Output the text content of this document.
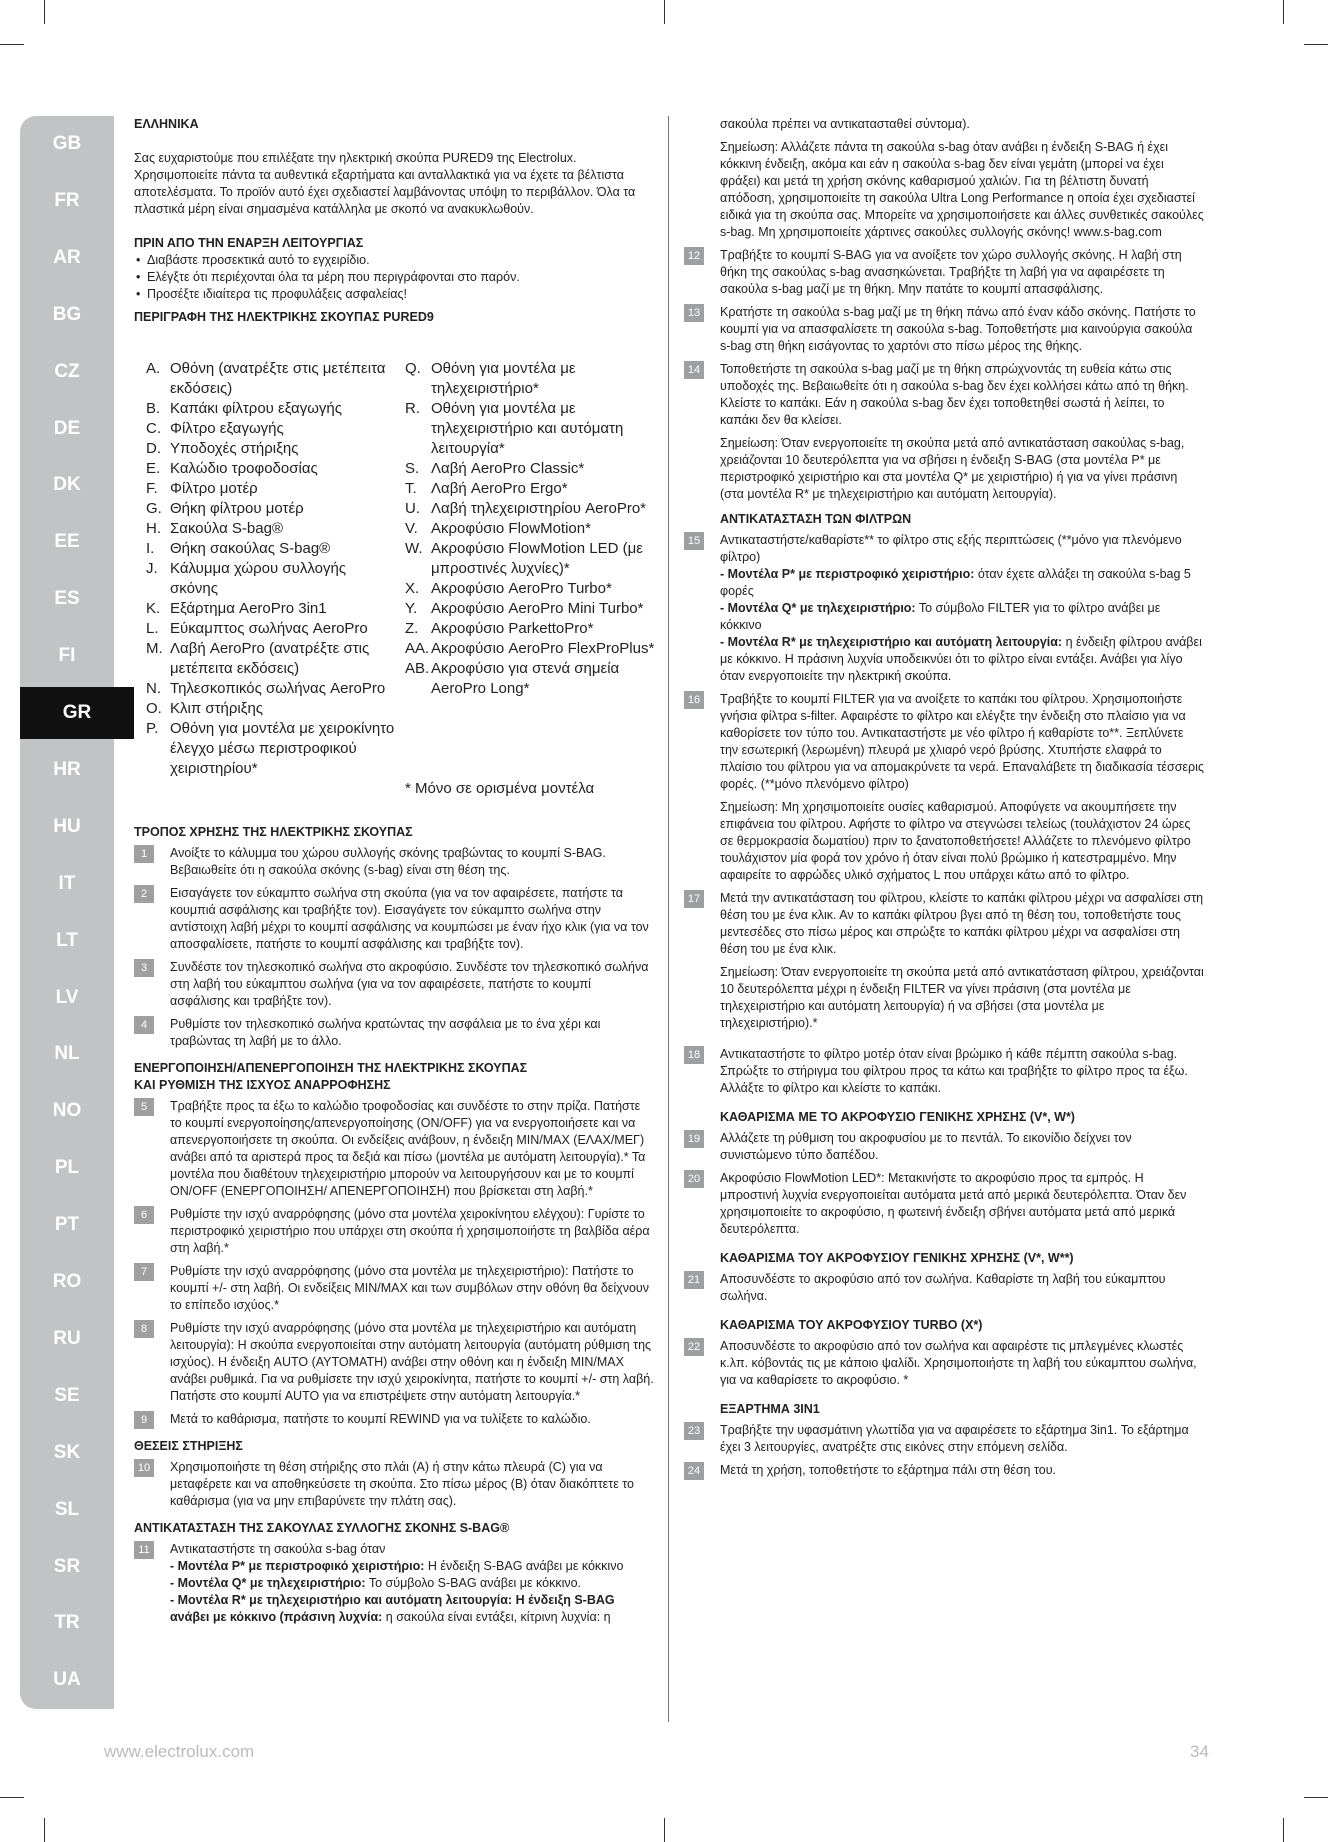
GB
FR
AR
BG
CZ
DE
DK
EE
ES
FI
GR
HR
HU
IT
LT
LV
NL
NO
PL
PT
RO
RU
SE
SK
SL
SR
TR
UA
ΕΛΛΗΝΙΚΑ

Σας ευχαριστούμε που επιλέξατε την ηλεκτρική σκούπα PURED9 της Electrolux. Χρησιμοποιείτε πάντα τα αυθεντικά εξαρτήματα και ανταλλακτικά για να έχετε τα βέλτιστα αποτελέσματα. Το προϊόν αυτό έχει σχεδιαστεί λαμβάνοντας υπόψη το περιβάλλον. Όλα τα πλαστικά μέρη είναι σημασμένα κατάλληλα με σκοπό να ανακυκλωθούν.

ΠΡΙΝ ΑΠΟ ΤΗΝ ΕΝΑΡΞΗ ΛΕΙΤΟΥΡΓΙΑΣ
• Διαβάστε προσεκτικά αυτό το εγχειρίδιο.
• Ελέγξτε ότι περιέχονται όλα τα μέρη που περιγράφονται στο παρόν.
• Προσέξτε ιδιαίτερα τις προφυλάξεις ασφαλείας!
ΠΕΡΙΓΡΑΦΗ ΤΗΣ ΗΛΕΚΤΡΙΚΗΣ ΣΚΟΥΠΑΣ PURED9
A. Οθόνη (ανατρέξτε στις μετέπειτα εκδόσεις)
B. Καπάκι φίλτρου εξαγωγής
C. Φίλτρο εξαγωγής
D. Υποδοχές στήριξης
E. Καλώδιο τροφοδοσίας
F. Φίλτρο μοτέρ
G. Θήκη φίλτρου μοτέρ
H. Σακούλα S-bag®
I.	Θήκη σακούλας S-bag®
J. Κάλυμμα χώρου συλλογής σκόνης
K. Εξάρτημα AeroPro 3in1
L. Εύκαμπτος σωλήνας AeroPro
M. Λαβή AeroPro (ανατρέξτε στις μετέπειτα εκδόσεις)
N. Τηλεσκοπικός σωλήνας AeroPro
O. Κλιπ στήριξης
P. Οθόνη για μοντέλα με χειροκίνητο έλεγχο μέσω περιστροφικού χειριστηρίου*
Q. Οθόνη για μοντέλα με τηλεχειριστήριο*
R. Οθόνη για μοντέλα με τηλεχειριστήριο και αυτόματη λειτουργία*
S. Λαβή AeroPro Classic*
T. Λαβή AeroPro Ergo*
U. Λαβή τηλεχειριστηρίου AeroPro*
V. Ακροφύσιο FlowMotion*
W. Ακροφύσιο FlowMotion LED (με μπροστινές λυχνίες)*
X. Ακροφύσιο AeroPro Turbo*
Y. Ακροφύσιο AeroPro Mini Turbo*
Z. Ακροφύσιο ParkettoPro*
AA. Ακροφύσιο AeroPro FlexProPlus*
AB. Ακροφύσιο για στενά σημεία AeroPro Long*
* Μόνο σε ορισμένα μοντέλα
ΤΡΟΠΟΣ ΧΡΗΣΗΣ ΤΗΣ ΗΛΕΚΤΡΙΚΗΣ ΣΚΟΥΠΑΣ
1	Ανοίξτε το κάλυμμα του χώρου συλλογής σκόνης τραβώντας το κουμπί S-BAG. Βεβαιωθείτε ότι η σακούλα σκόνης (s-bag) είναι στη θέση της.
2	Εισαγάγετε τον εύκαμπτο σωλήνα στη σκούπα (για να τον αφαιρέσετε, πατήστε τα κουμπιά ασφάλισης και τραβήξτε τον). Εισαγάγετε τον εύκαμπτο σωλήνα στην αντίστοιχη λαβή μέχρι το κουμπί ασφάλισης να κουμπώσει με έναν ήχο κλικ (για να τον αποσφαλίσετε, πατήστε το κουμπί ασφάλισης και τραβήξτε τον).
3	Συνδέστε τον τηλεσκοπικό σωλήνα στο ακροφύσιο. Συνδέστε τον τηλεσκοπικό σωλήνα στη λαβή του εύκαμπτου σωλήνα (για να τον αφαιρέσετε, πατήστε το κουμπί ασφάλισης και τραβήξτε τον).
4	Ρυθμίστε τον τηλεσκοπικό σωλήνα κρατώντας την ασφάλεια με το ένα χέρι και τραβώντας τη λαβή με το άλλο.
ΕΝΕΡΓΟΠΟΙΗΣΗ/ΑΠΕΝΕΡΓΟΠΟΙΗΣΗ ΤΗΣ ΗΛΕΚΤΡΙΚΗΣ ΣΚΟΥΠΑΣ
ΚΑΙ ΡΥΘΜΙΣΗ ΤΗΣ ΙΣΧΥΟΣ ΑΝΑΡΡΟΦΗΣΗΣ
5	Τραβήξτε προς τα έξω το καλώδιο τροφοδοσίας και συνδέστε το στην πρίζα. Πατήστε το κουμπί ενεργοποίησης/απενεργοποίησης (ON/OFF) για να ενεργοποιήσετε και να απενεργοποιήσετε τη σκούπα. Οι ενδείξεις ανάβουν, η ένδειξη MIN/MAX (ΕΛΑΧ/ΜΕΓ) ανάβει από τα αριστερά προς τα δεξιά και πίσω (μοντέλα με αυτόματη λειτουργία).* Τα μοντέλα που διαθέτουν τηλεχειριστήριο μπορούν να λειτουργήσουν και με το κουμπί ON/OFF (ΕΝΕΡΓΟΠΟΙΗΣΗ/ ΑΠΕΝΕΡΓΟΠΟΙΗΣΗ) που βρίσκεται στη λαβή.*
6	Ρυθμίστε την ισχύ αναρρόφησης (μόνο στα μοντέλα χειροκίνητου ελέγχου): Γυρίστε το περιστροφικό χειριστήριο που υπάρχει στη σκούπα ή χρησιμοποιήστε τη βαλβίδα αέρα στη λαβή.*
7	Ρυθμίστε την ισχύ αναρρόφησης (μόνο στα μοντέλα με τηλεχειριστήριο): Πατήστε το κουμπί +/- στη λαβή. Οι ενδείξεις MIN/MAX και των συμβόλων στην οθόνη θα δείχνουν το επίπεδο ισχύος.*
8	Ρυθμίστε την ισχύ αναρρόφησης (μόνο στα μοντέλα με τηλεχειριστήριο και αυτόματη λειτουργία): Η σκούπα ενεργοποιείται στην αυτόματη λειτουργία (αυτόματη ρύθμιση της ισχύος). Η ένδειξη AUTO (ΑΥΤΟΜΑΤΗ) ανάβει στην οθόνη και η ένδειξη MIN/MAX ανάβει ρυθμικά. Για να ρυθμίσετε την ισχύ χειροκίνητα, πατήστε το κουμπί +/- στη λαβή. Πατήστε στο κουμπί AUTO για να επιστρέψετε στην αυτόματη λειτουργία.*
9	Μετά το καθάρισμα, πατήστε το κουμπί REWIND για να τυλίξετε το καλώδιο.
ΘΕΣΕΙΣ ΣΤΗΡΙΞΗΣ
10	Χρησιμοποιήστε τη θέση στήριξης στο πλάι (A) ή στην κάτω πλευρά (C) για να μεταφέρετε και να αποθηκεύσετε τη σκούπα. Στο πίσω μέρος (B) όταν διακόπτετε το καθάρισμα (για να μην επιβαρύνετε την πλάτη σας).
ΑΝΤΙΚΑΤΑΣΤΑΣΗ ΤΗΣ ΣΑΚΟΥΛΑΣ ΣΥΛΛΟΓΗΣ ΣΚΟΝΗΣ S-BAG®
11	Αντικαταστήστε τη σακούλα s-bag όταν
- Μοντέλα P* με περιστροφικό χειριστήριο: Η ένδειξη S-BAG ανάβει με κόκκινο
- Μοντέλα Q* με τηλεχειριστήριο: Το σύμβολο S-BAG ανάβει με κόκκινο.
- Μοντέλα R* με τηλεχειριστήριο και αυτόματη λειτουργία: Η ένδειξη S-BAG ανάβει με κόκκινο (πράσινη λυχνία: η σακούλα είναι εντάξει, κίτρινη λυχνία: η

σακούλα πρέπει να αντικατασταθεί σύντομα).

Σημείωση: Αλλάζετε πάντα τη σακούλα s-bag όταν ανάβει η ένδειξη S-BAG ή έχει κόκκινη ένδειξη, ακόμα και εάν η σακούλα s-bag δεν είναι γεμάτη (μπορεί να έχει φράξει) και μετά τη χρήση σκόνης καθαρισμού χαλιών. Για τη βέλτιστη δυνατή απόδοση, χρησιμοποιείτε τη σακούλα Ultra Long Performance η οποία έχει σχεδιαστεί ειδικά για τη σκούπα σας. Μπορείτε να χρησιμοποιήσετε και άλλες συνθετικές σακούλες s-bag. Μη χρησιμοποιείτε χάρτινες σακούλες συλλογής σκόνης! www.s-bag.com

12	Τραβήξτε το κουμπί S-BAG για να ανοίξετε τον χώρο συλλογής σκόνης. Η λαβή στη θήκη της σακούλας s-bag ανασηκώνεται. Τραβήξτε τη λαβή για να αφαιρέσετε τη σακούλα s-bag μαζί με τη θήκη. Μην πατάτε το κουμπί απασφάλισης.
13	Κρατήστε τη σακούλα s-bag μαζί με τη θήκη πάνω από έναν κάδο σκόνης. Πατήστε το κουμπί για να απασφαλίσετε τη σακούλα s-bag. Τοποθετήστε μια καινούργια σακούλα s-bag στη θήκη εισάγοντας το χαρτόνι στο πίσω μέρος της θήκης.
14	Τοποθετήστε τη σακούλα s-bag μαζί με τη θήκη σπρώχνοντάς τη ευθεία κάτω στις υποδοχές της. Βεβαιωθείτε ότι η σακούλα s-bag δεν έχει κολλήσει κάτω από τη θήκη. Κλείστε το καπάκι. Εάν η σακούλα s-bag δεν έχει τοποθετηθεί σωστά ή λείπει, το καπάκι δεν θα κλείσει.

Σημείωση: Όταν ενεργοποιείτε τη σκούπα μετά από αντικατάσταση σακούλας s-bag, χρειάζονται 10 δευτερόλεπτα για να σβήσει η ένδειξη S-BAG (στα μοντέλα P* με περιστροφικό χειριστήριο και στα μοντέλα Q* με χειριστήριο) ή για να γίνει πράσινη (στα μοντέλα R* με τηλεχειριστήριο και αυτόματη λειτουργία).

ΑΝΤΙΚΑΤΑΣΤΑΣΗ ΤΩΝ ΦΙΛΤΡΩΝ
15	Αντικαταστήστε/καθαρίστε** το φίλτρο στις εξής περιπτώσεις (**μόνο για πλενόμενο φίλτρο)
- Μοντέλα P* με περιστροφικό χειριστήριο: όταν έχετε αλλάξει τη σακούλα s-bag 5 φορές
- Μοντέλα Q* με τηλεχειριστήριο: Το σύμβολο FILTER για το φίλτρο ανάβει με κόκκινο
- Μοντέλα R* με τηλεχειριστήριο και αυτόματη λειτουργία: η ένδειξη φίλτρου ανάβει με κόκκινο. Η πράσινη λυχνία υποδεικνύει ότι το φίλτρο είναι εντάξει. Ανάβει για λίγο όταν ενεργοποιείτε την ηλεκτρική σκούπα.
16	Τραβήξτε το κουμπί FILTER για να ανοίξετε το καπάκι του φίλτρου. Χρησιμοποιήστε γνήσια φίλτρα s-filter. Αφαιρέστε το φίλτρο και ελέγξτε την ένδειξη στο πλαίσιο για να καθορίσετε τον τύπο του. Αντικαταστήστε με νέο φίλτρο ή καθαρίστε το**. Ξεπλύνετε την εσωτερική (λερωμένη) πλευρά με χλιαρό νερό βρύσης. Χτυπήστε ελαφρά το πλαίσιο του φίλτρου για να απομακρύνετε τα νερά. Επαναλάβετε τη διαδικασία τέσσερις φορές. (**μόνο πλενόμενο φίλτρο)

Σημείωση: Μη χρησιμοποιείτε ουσίες καθαρισμού. Αποφύγετε να ακουμπήσετε την επιφάνεια του φίλτρου. Αφήστε το φίλτρο να στεγνώσει τελείως (τουλάχιστον 24 ώρες σε θερμοκρασία δωματίου) πριν το ξανατοποθετήσετε! Αλλάζετε το πλενόμενο φίλτρο τουλάχιστον μία φορά τον χρόνο ή όταν είναι πολύ βρώμικο ή κατεστραμμένο. Μην αφαιρείτε το αφρώδες υλικό σχήματος L που υπάρχει κάτω από το φίλτρο.

17	Μετά την αντικατάσταση του φίλτρου, κλείστε το καπάκι φίλτρου μέχρι να ασφαλίσει στη θέση του με ένα κλικ. Αν το καπάκι φίλτρου βγει από τη θέση του, τοποθετήστε τους μεντεσέδες στο πίσω μέρος και σπρώξτε το καπάκι φίλτρου μέχρι να ασφαλίσει στη θέση του με ένα κλικ.

Σημείωση: Όταν ενεργοποιείτε τη σκούπα μετά από αντικατάσταση φίλτρου, χρειάζονται 10 δευτερόλεπτα μέχρι η ένδειξη FILTER να γίνει πράσινη (στα μοντέλα με τηλεχειριστήριο και αυτόματη λειτουργία) ή να σβήσει (στα μοντέλα με τηλεχειριστήριο).*

18	Αντικαταστήστε το φίλτρο μοτέρ όταν είναι βρώμικο ή κάθε πέμπτη σακούλα s-bag. Σπρώξτε το στήριγμα του φίλτρου προς τα κάτω και τραβήξτε το φίλτρο προς τα έξω. Αλλάξτε το φίλτρο και κλείστε το καπάκι.
ΚΑΘΑΡΙΣΜΑ ΜΕ ΤΟ ΑΚΡΟΦΥΣΙΟ ΓΕΝΙΚΗΣ ΧΡΗΣΗΣ (V*, W*)
19	Αλλάζετε τη ρύθμιση του ακροφυσίου με το πεντάλ. Το εικονίδιο δείχνει τον συνιστώμενο τύπο δαπέδου.
20	Ακροφύσιο FlowMotion LED*: Μετακινήστε το ακροφύσιο προς τα εμπρός. Η μπροστινή λυχνία ενεργοποιείται αυτόματα μετά από μερικά δευτερόλεπτα. Όταν δεν χρησιμοποιείτε το ακροφύσιο, η φωτεινή ένδειξη σβήνει αυτόματα μετά από μερικά δευτερόλεπτα.
ΚΑΘΑΡΙΣΜΑ ΤΟΥ ΑΚΡΟΦΥΣΙΟΥ ΓΕΝΙΚΗΣ ΧΡΗΣΗΣ (V*, W**)
21	Αποσυνδέστε το ακροφύσιο από τον σωλήνα. Καθαρίστε τη λαβή του εύκαμπτου σωλήνα.
ΚΑΘΑΡΙΣΜΑ ΤΟΥ ΑΚΡΟΦΥΣΙΟΥ TURBO (X*)
22	Αποσυνδέστε το ακροφύσιο από τον σωλήνα και αφαιρέστε τις μπλεγμένες κλωστές κ.λπ. κόβοντάς τις με κάποιο ψαλίδι. Χρησιμοποιήστε τη λαβή του εύκαμπτου σωλήνα, για να καθαρίσετε το ακροφύσιο. *
ΕΞΑΡΤΗΜΑ 3IN1
23	Τραβήξτε την υφασμάτινη γλωττίδα για να αφαιρέσετε το εξάρτημα 3in1. Το εξάρτημα έχει 3 λειτουργίες, ανατρέξτε στις εικόνες στην επόμενη σελίδα.
24	Μετά τη χρήση, τοποθετήστε το εξάρτημα πάλι στη θέση του.
www.electrolux.com	34
